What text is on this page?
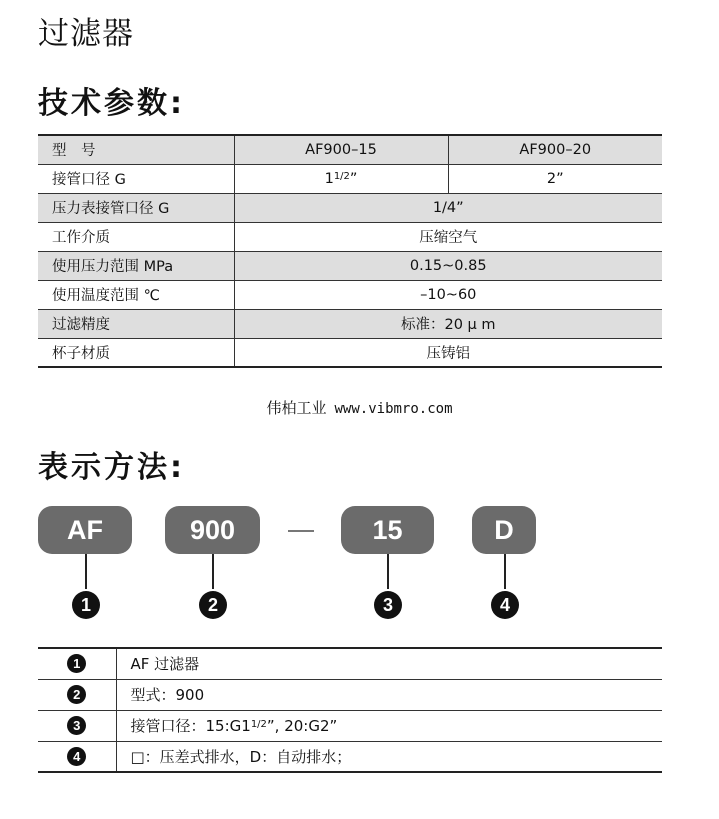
过滤器
技术参数:
型　号	AF900–15	AF900–20
接管口径 G	$1^{1/2}$”	2”
压力表接管口径 G	1/4”	
工作介质	压缩空气	
使用压力范围 MPa	0.15~0.85	
使用温度范围 ℃	–10~60	
过滤精度	标准：20 μ m	
杯子材质	压铸铝	
伟柏工业 www.vibmro.com
表示方法:
AF	900	15	D
1	2	3	4
1	AF 过滤器
2	型式：900
3	接管口径：$15:G1^{1/2}$”, 20:G2”
4	□：压差式排水，D：自动排水；
